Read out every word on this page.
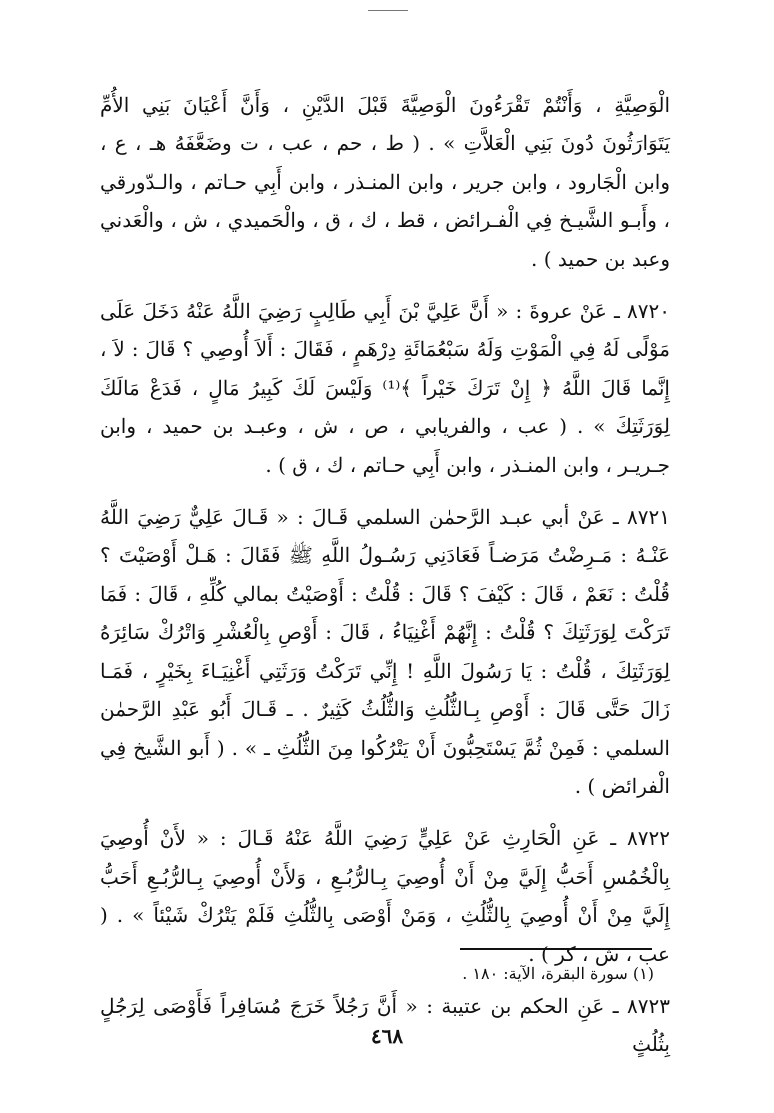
الْوَصِيَّةِ ، وَأَنْتُمْ تَقْرَءُونَ الْوَصِيَّةَ قَبْلَ الدَّيْنِ ، وَأَنَّ أَعْيَانَ بَنِي الأُمِّ يَتَوَارَثُونَ دُونَ بَنِي الْعَلاَّتِ » . ( ط ، حم ، عب ، ت وضَعَّفَهُ هـ ، ع ، وابن الْجَارود ، وابن جرير ، وابن المنـذر ، وابن أَبِي حـاتم ، والـدّورقي ، وأَبـو الشَّيـخ فِي الْفـرائض ، قط ، ك ، ق ، والْحَميدي ، ش ، والْعَدني وعبد بن حميد ) .

٨٧٢٠ ـ عَنْ عروةَ : « أَنَّ عَلِيَّ بْنَ أَبِي طَالِبٍ رَضِيَ اللَّهُ عَنْهُ دَخَلَ عَلَى مَوْلًى لَهُ فِي الْمَوْتِ وَلَهُ سَبْعُمَائَةِ دِرْهَمٍ ، فَقَالَ : أَلاَ أُوصِي ؟ قَالَ : لاَ ، إِنَّما قَالَ اللَّهُ ﴿ إِنْ تَرَكَ خَيْراً ﴾⁽¹⁾ وَلَيْسَ لَكَ كَبِيرُ مَالٍ ، فَدَعْ مَالَكَ لِوَرَثَتِكَ » . ( عب ، والفريابي ، ص ، ش ، وعبـد بن حميد ، وابن جـريـر ، وابن المنـذر ، وابن أَبِي حـاتم ، ك ، ق ) .

٨٧٢١ ـ عَنْ أبي عبـد الرَّحمٰن السلمي قَـالَ : « قَـالَ عَلِيٌّ رَضِيَ اللَّهُ عَنْـهُ : مَـرِضْتُ مَرَضـاً فَعَادَنِي رَسُـولُ اللَّهِ ﷺ فَقَالَ : هَـلْ أَوْصَيْتَ ؟ قُلْتُ : نَعَمْ ، قَالَ : كَيْفَ ؟ قَالَ : قُلْتُ : أَوْصَيْتُ بمالي كُلِّهِ ، قَالَ : فَمَا تَرَكْتَ لِوَرَثَتِكَ ؟ قُلْتُ : إِنَّهُمْ أَغْنِيَاءُ ، قَالَ : أَوْصِ بِالْعُشْرِ وَاتْرُكْ سَائِرَهُ لِوَرَثَتِكَ ، قُلْتُ : يَا رَسُولَ اللَّهِ ! إِنِّي تَرَكْتُ وَرَثَتِي أَغْنِيَـاءَ بِخَيْرٍ ، فَمَـا زَالَ حَتَّى قَالَ : أَوْصِ بِـالثُّلُثِ وَالثُّلُثُ كَثِيرٌ . ـ قَـالَ أَبُو عَبْدِ الرَّحمٰن السلمي : فَمِنْ ثُمَّ يَسْتَحِبُّونَ أَنْ يَتْرُكُوا مِنَ الثُّلُثِ ـ » . ( أَبو الشَّيخ فِي الْفرائض ) .

٨٧٢٢ ـ عَنِ الْحَارِثِ عَنْ عَلِيٍّ رَضِيَ اللَّهُ عَنْهُ قَـالَ : « لأَنْ أُوصِيَ بِالْخُمُسِ أَحَبُّ إِلَيَّ مِنْ أَنْ أُوصِيَ بِـالرُّبُـعِ ، وَلأَنْ أُوصِيَ بِـالرُّبُـعِ أَحَبُّ إِلَيَّ مِنْ أَنْ أُوصِيَ بِالثُّلُثِ ، وَمَنْ أَوْصَى بِالثُّلُثِ فَلَمْ يَتْرُكْ شَيْئاً » . ( عب ، ش ، كر ) .

٨٧٢٣ ـ عَنِ الحكم بن عتيبة : « أَنَّ رَجُلاً خَرَجَ مُسَافِراً فَأَوْصَى لِرَجُلٍ بِثُلُثٍ

(١) سورة البقرة، الآية: ١٨٠ .
٤٦٨
